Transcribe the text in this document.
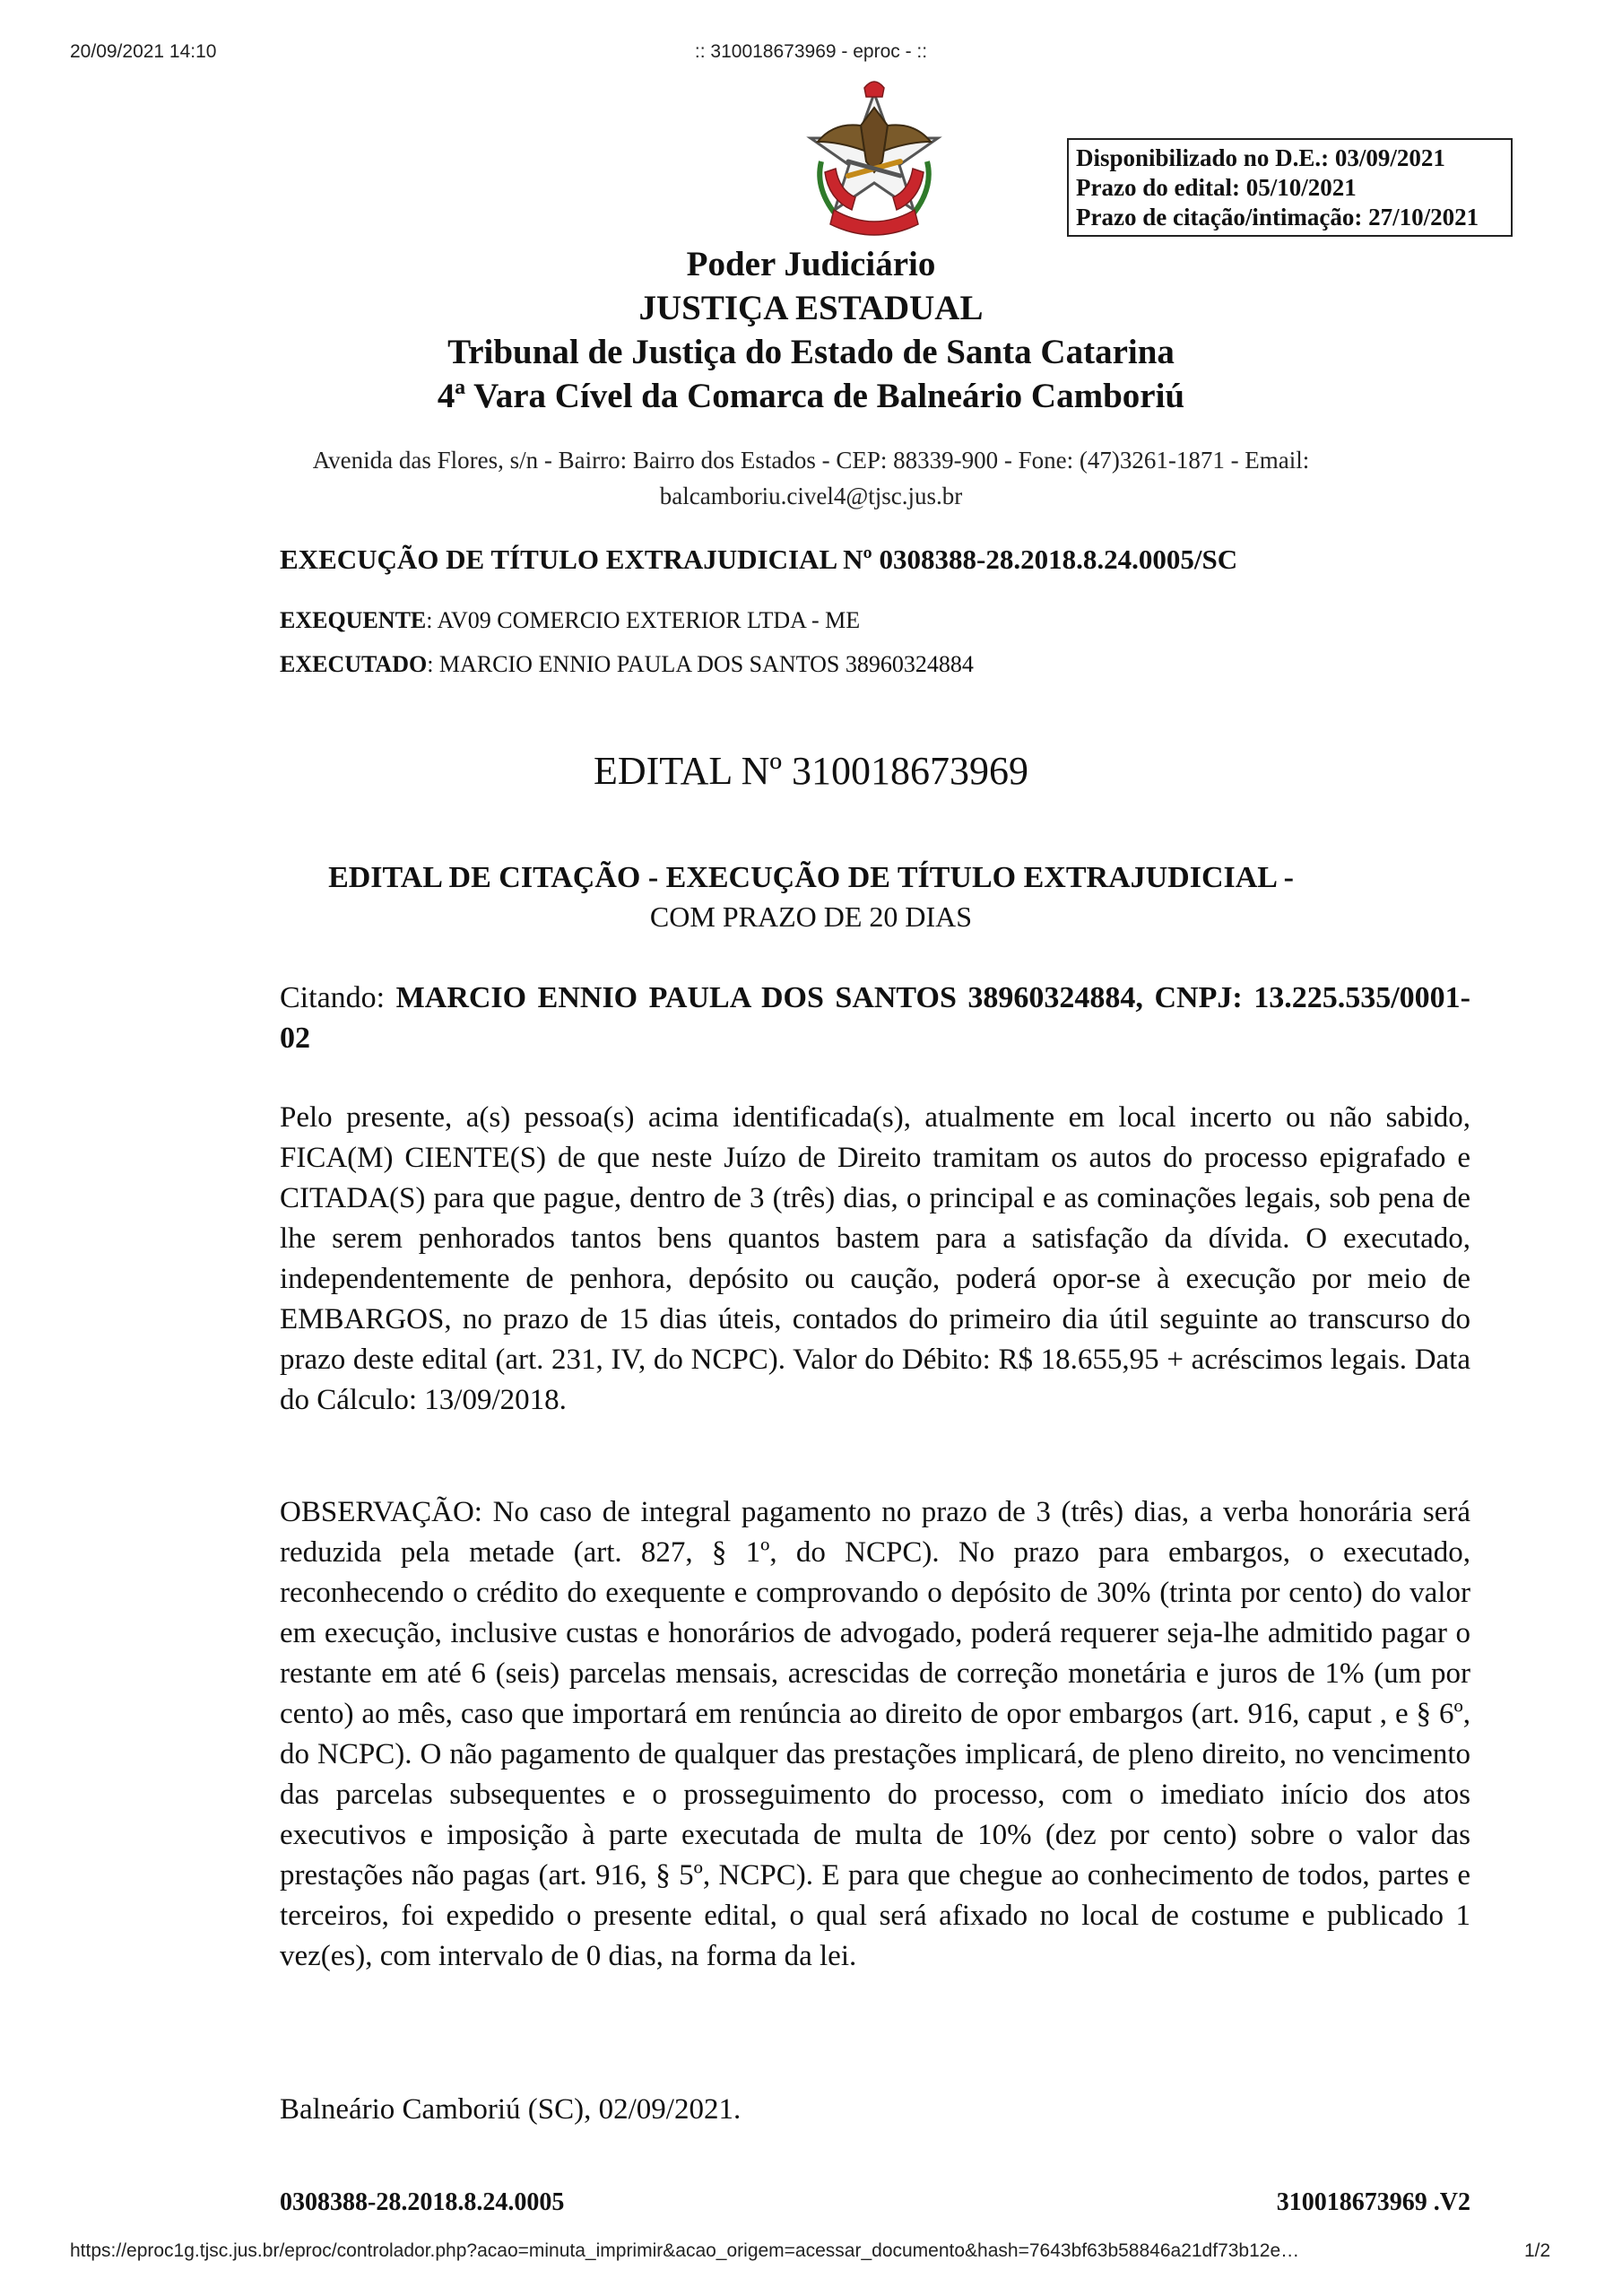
20/09/2021 14:10	:: 310018673969 - eproc - ::
Disponibilizado no D.E.: 03/09/2021
Prazo do edital: 05/10/2021
Prazo de citação/intimação: 27/10/2021
Poder Judiciário
JUSTIÇA ESTADUAL
Tribunal de Justiça do Estado de Santa Catarina
4ª Vara Cível da Comarca de Balneário Camboriú
Avenida das Flores, s/n - Bairro: Bairro dos Estados - CEP: 88339-900 - Fone: (47)3261-1871 - Email:
balcamboriu.civel4@tjsc.jus.br
EXECUÇÃO DE TÍTULO EXTRAJUDICIAL Nº 0308388-28.2018.8.24.0005/SC
EXEQUENTE: AV09 COMERCIO EXTERIOR LTDA - ME
EXECUTADO: MARCIO ENNIO PAULA DOS SANTOS 38960324884
EDITAL Nº 310018673969
EDITAL DE CITAÇÃO - EXECUÇÃO DE TÍTULO EXTRAJUDICIAL -
COM PRAZO DE 20 DIAS
Citando: MARCIO ENNIO PAULA DOS SANTOS 38960324884, CNPJ: 13.225.535/0001-02
Pelo presente, a(s) pessoa(s) acima identificada(s), atualmente em local incerto ou não sabido, FICA(M) CIENTE(S) de que neste Juízo de Direito tramitam os autos do processo epigrafado e CITADA(S) para que pague, dentro de 3 (três) dias, o principal e as cominações legais, sob pena de lhe serem penhorados tantos bens quantos bastem para a satisfação da dívida. O executado, independentemente de penhora, depósito ou caução, poderá opor-se à execução por meio de EMBARGOS, no prazo de 15 dias úteis, contados do primeiro dia útil seguinte ao transcurso do prazo deste edital (art. 231, IV, do NCPC). Valor do Débito: R$ 18.655,95 + acréscimos legais. Data do Cálculo: 13/09/2018.
OBSERVAÇÃO: No caso de integral pagamento no prazo de 3 (três) dias, a verba honorária será reduzida pela metade (art. 827, § 1º, do NCPC). No prazo para embargos, o executado, reconhecendo o crédito do exequente e comprovando o depósito de 30% (trinta por cento) do valor em execução, inclusive custas e honorários de advogado, poderá requerer seja-lhe admitido pagar o restante em até 6 (seis) parcelas mensais, acrescidas de correção monetária e juros de 1% (um por cento) ao mês, caso que importará em renúncia ao direito de opor embargos (art. 916, caput , e § 6º, do NCPC). O não pagamento de qualquer das prestações implicará, de pleno direito, no vencimento das parcelas subsequentes e o prosseguimento do processo, com o imediato início dos atos executivos e imposição à parte executada de multa de 10% (dez por cento) sobre o valor das prestações não pagas (art. 916, § 5º, NCPC). E para que chegue ao conhecimento de todos, partes e terceiros, foi expedido o presente edital, o qual será afixado no local de costume e publicado 1 vez(es), com intervalo de 0 dias, na forma da lei.
Balneário Camboriú (SC), 02/09/2021.
0308388-28.2018.8.24.0005	310018673969 .V2
https://eproc1g.tjsc.jus.br/eproc/controlador.php?acao=minuta_imprimir&acao_origem=acessar_documento&hash=7643bf63b58846a21df73b12e…	1/2
